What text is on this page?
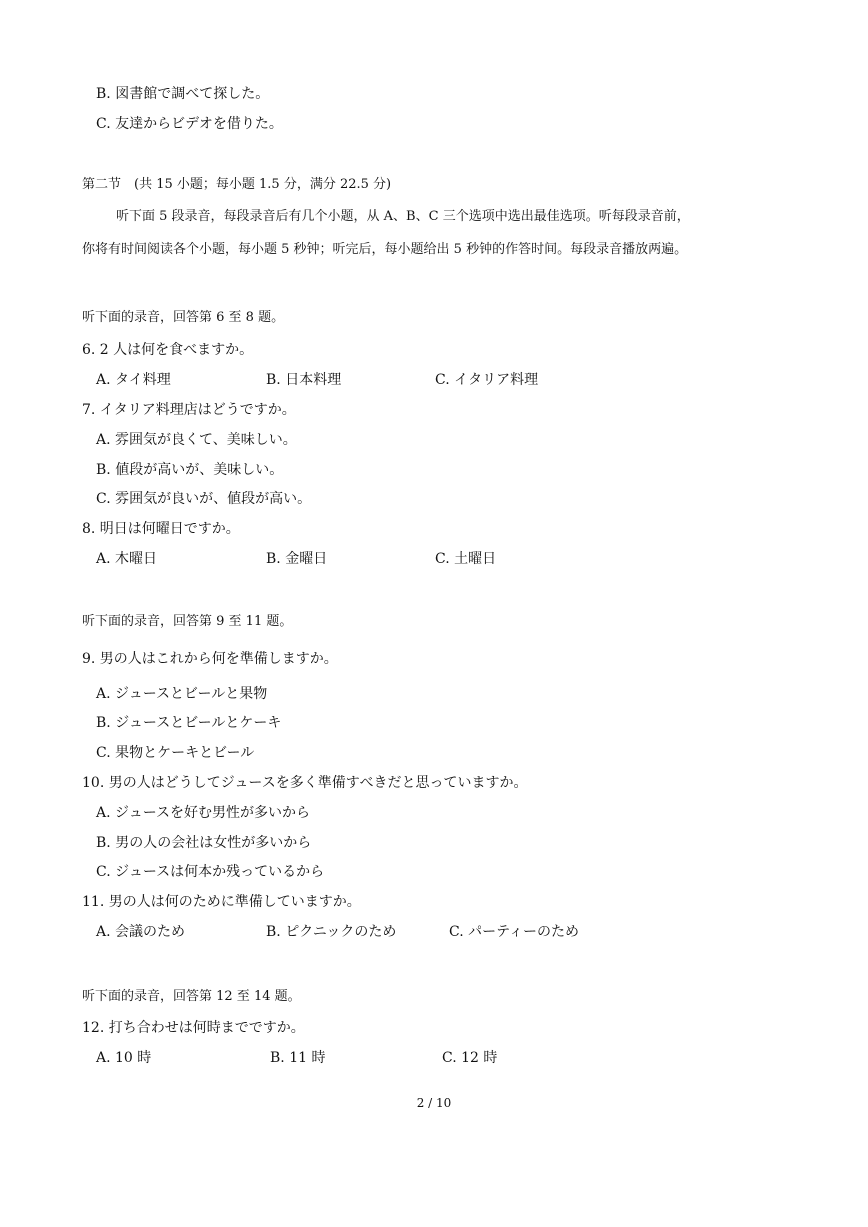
B. 図書館で調べて探した。
C. 友達からビデオを借りた。
第二节　(共 15 小题；每小题 1.5 分，满分 22.5 分)
听下面 5 段录音，每段录音后有几个小题，从 A、B、C 三个选项中选出最佳选项。听每段录音前，
你将有时间阅读各个小题，每小题 5 秒钟；听完后，每小题给出 5 秒钟的作答时间。每段录音播放两遍。
听下面的录音，回答第 6 至 8 题。
6. 2 人は何を食べますか。
A. タイ料理	B. 日本料理	C. イタリア料理
7. イタリア料理店はどうですか。
A. 雰囲気が良くて、美味しい。
B. 値段が高いが、美味しい。
C. 雰囲気が良いが、値段が高い。
8. 明日は何曜日ですか。
A. 木曜日	B. 金曜日	C. 土曜日
听下面的录音，回答第 9 至 11 题。
9. 男の人はこれから何を準備しますか。
A. ジュースとビールと果物
B. ジュースとビールとケーキ
C. 果物とケーキとビール
10. 男の人はどうしてジュースを多く準備すべきだと思っていますか。
A. ジュースを好む男性が多いから
B. 男の人の会社は女性が多いから
C. ジュースは何本か残っているから
11. 男の人は何のために準備していますか。
A. 会議のため	B. ピクニックのため	C. パーティーのため
听下面的录音，回答第 12 至 14 题。
12. 打ち合わせは何時までですか。
A. 10 時	B. 11 時	C. 12 時
2 / 10
